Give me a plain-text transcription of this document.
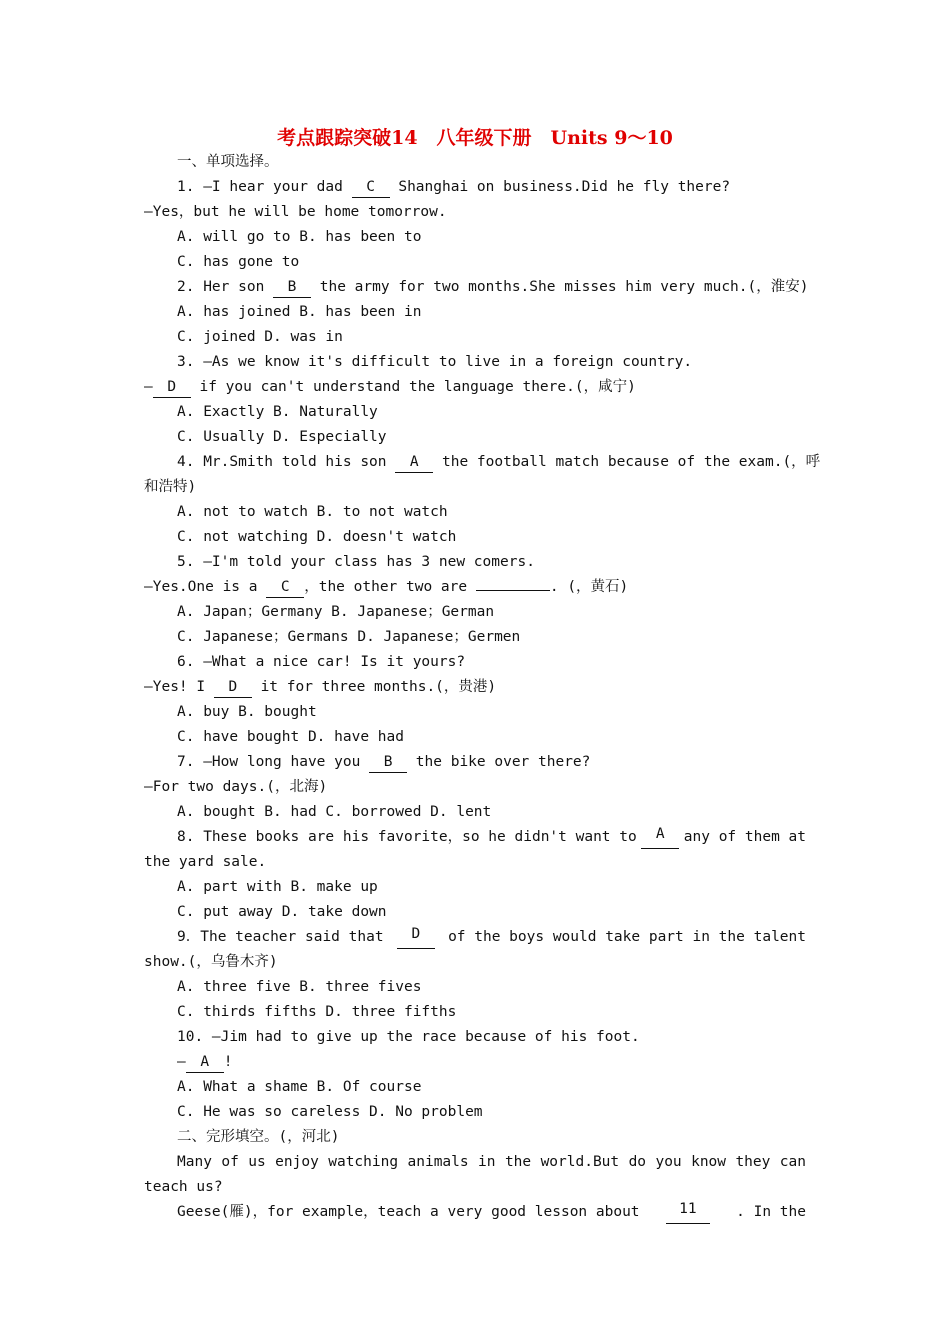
考点跟踪突破14　八年级下册　Units 9～10
一、单项选择。
1. —I hear your dad C Shanghai on business.Did he fly there?
—Yes，but he will be home tomorrow.
A. will go to B. has been to
C. has gone to
2. Her son B the army for two months.She misses him very much.(，淮安)
A. has joined B. has been in
C. joined D. was in
3. —As we know it's difficult to live in a foreign country.
— D if you can't understand the language there.(，咸宁)
A. Exactly B. Naturally
C. Usually D. Especially
4. Mr.Smith told his son A the football match because of the exam.(，呼
和浩特)
A. not to watch B. to not watch
C. not watching D. doesn't watch
5. —I'm told your class has 3 new comers.
—Yes.One is a C ，the other two are	. (，黄石)
A. Japan；Germany B. Japanese；German
C. Japanese；Germans D. Japanese；Germen
6. —What a nice car! Is it yours?
—Yes! I D it for three months.(，贵港)
A. buy B. bought
C. have bought D. have had
7. —How long have you B the bike over there?
—For two days.(，北海)
A. bought B. had C. borrowed D. lent
8. These books are his favorite，so he didn't want to	A	any of them at
the yard sale.
A. part with B. make up
C. put away D. take down
9．The teacher said that	D	of the boys would take part in the talent
show.(，乌鲁木齐)
A. three five B. three fives
C. thirds fifths D. three fifths
10. —Jim had to give up the race because of his foot.
— A !
A. What a shame B. Of course
C. He was so careless D. No problem
二、完形填空。(，河北)
Many of us enjoy watching animals in the world.But do you know they can
teach us?
Geese(雁)，for example，teach a very good lesson about	11	. In the
